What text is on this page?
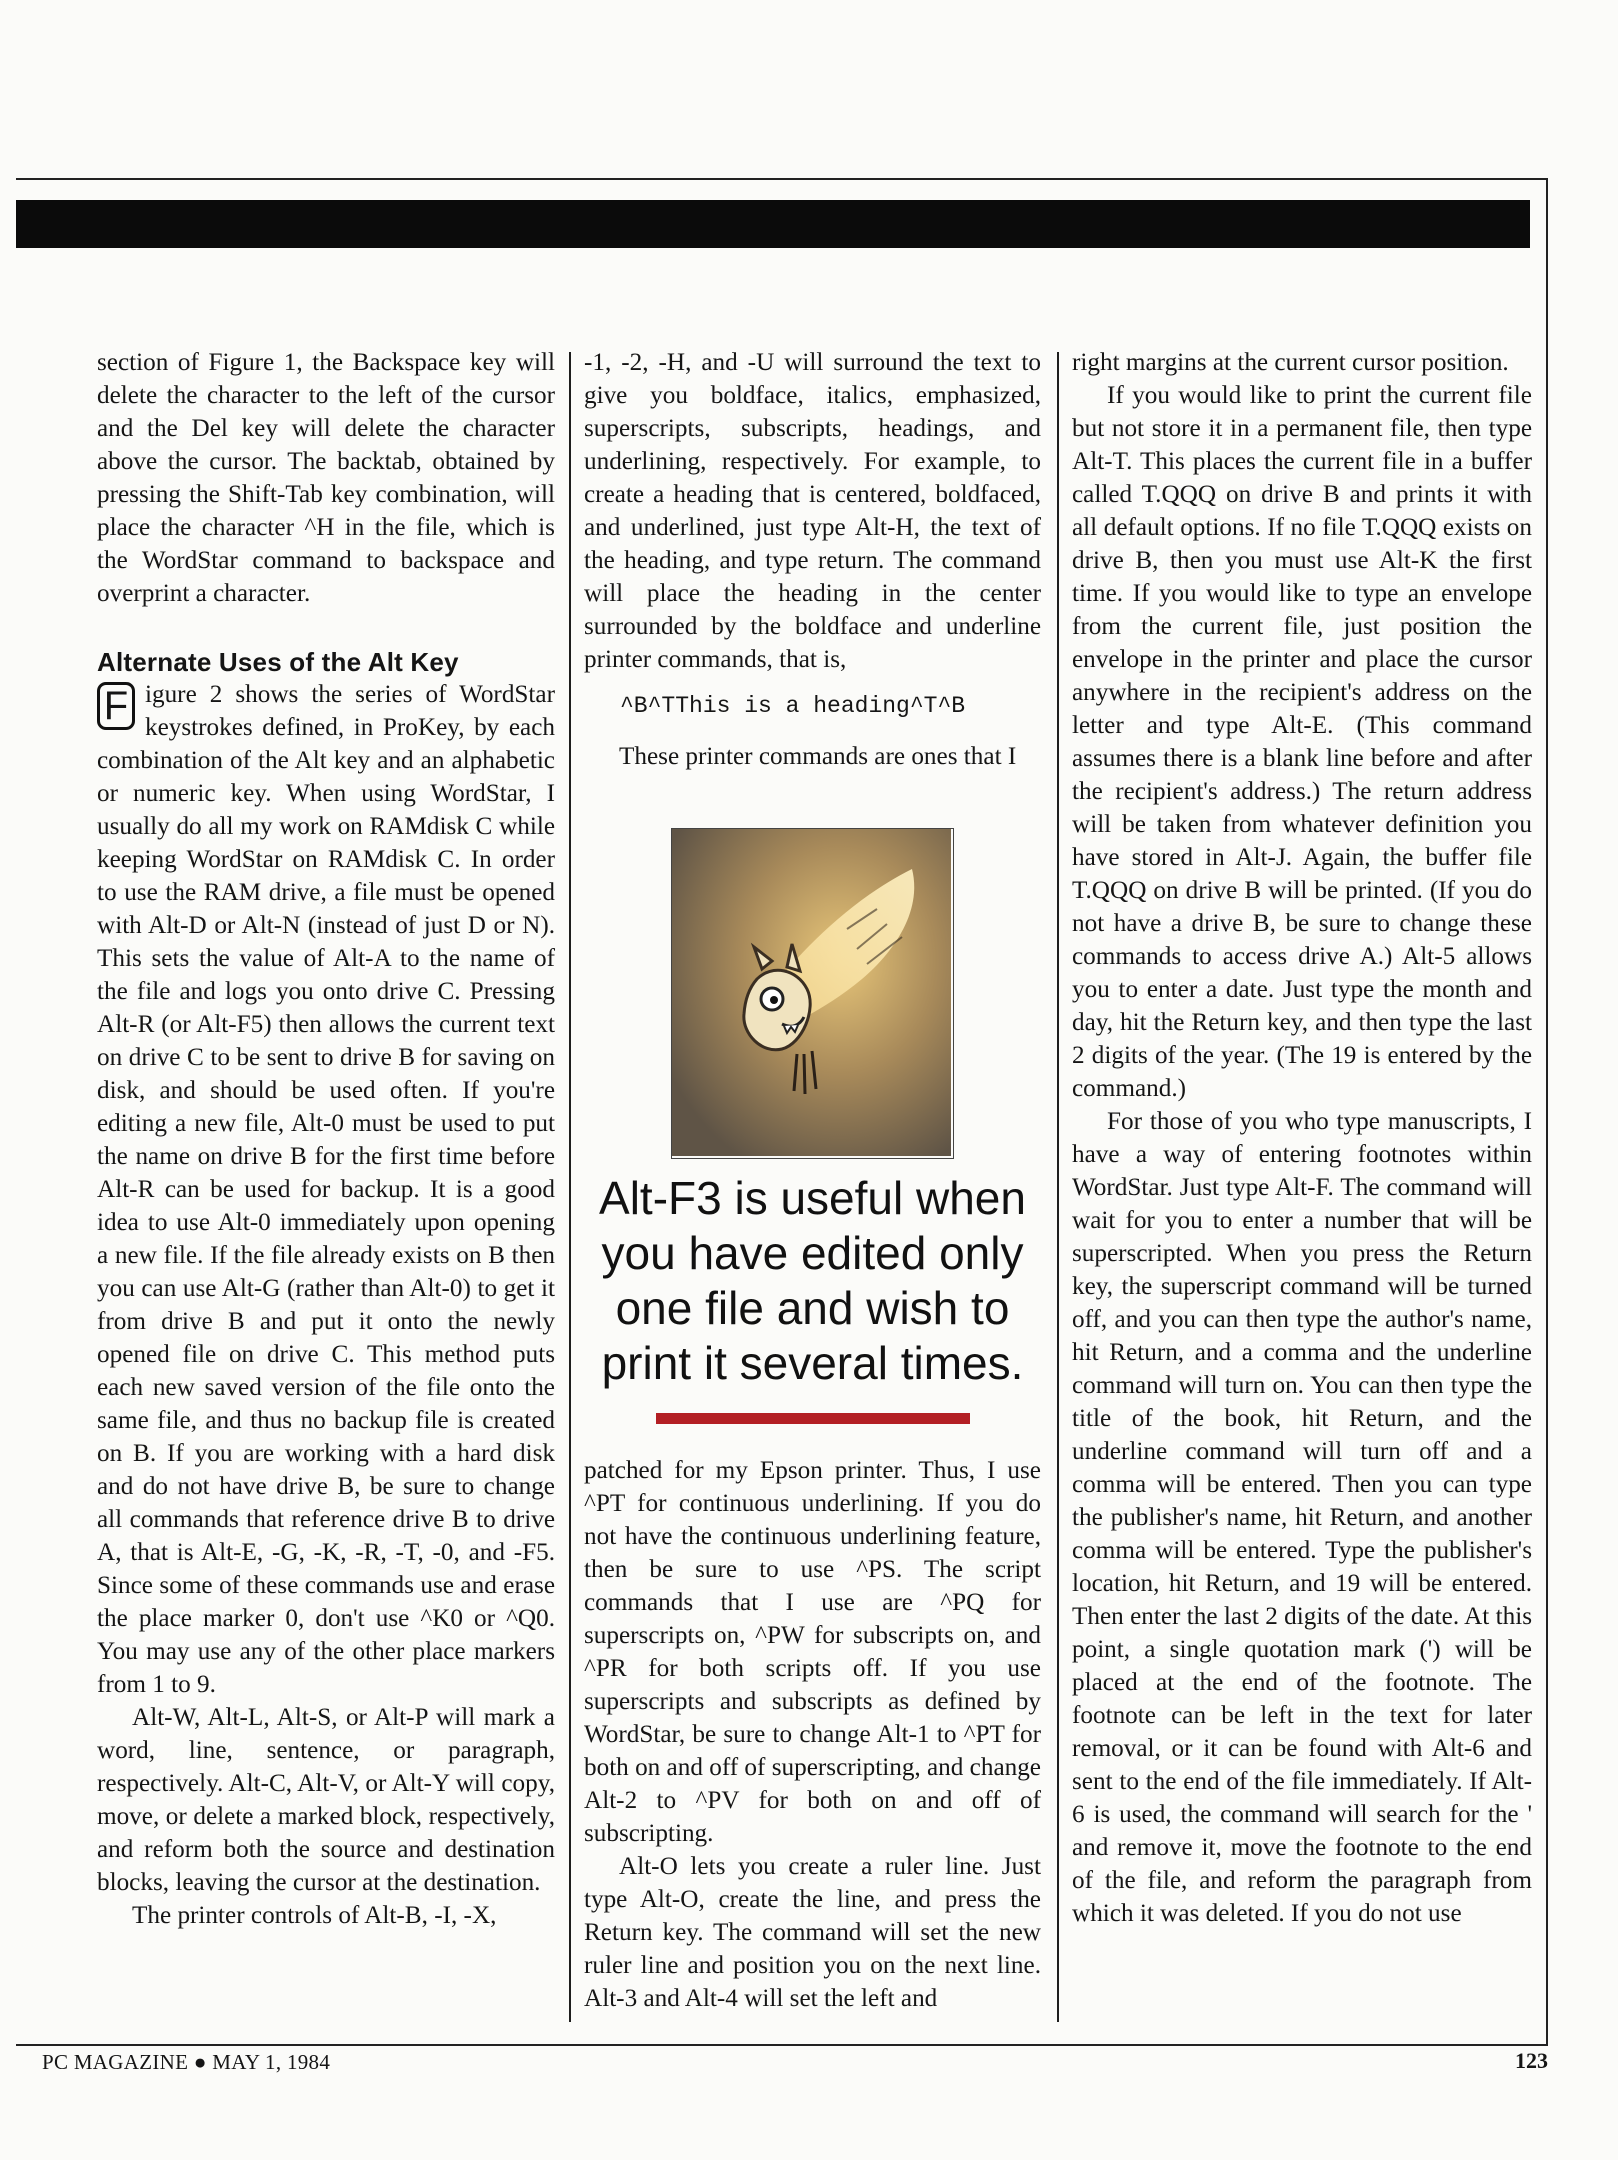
section of Figure 1, the Backspace key will delete the character to the left of the cursor and the Del key will delete the character above the cursor. The backtab, obtained by pressing the Shift-Tab key combination, will place the character ^H in the file, which is the WordStar command to backspace and overprint a character.

Alternate Uses of the Alt Key

F igure 2 shows the series of WordStar keystrokes defined, in ProKey, by each combination of the Alt key and an alphabetic or numeric key. When using WordStar, I usually do all my work on RAMdisk C while keeping WordStar on RAMdisk C. In order to use the RAM drive, a file must be opened with Alt-D or Alt-N (instead of just D or N). This sets the value of Alt-A to the name of the file and logs you onto drive C. Pressing Alt-R (or Alt-F5) then allows the current text on drive C to be sent to drive B for saving on disk, and should be used often. If you're editing a new file, Alt-0 must be used to put the name on drive B for the first time before Alt-R can be used for backup. It is a good idea to use Alt-0 immediately upon opening a new file. If the file already exists on B then you can use Alt-G (rather than Alt-0) to get it from drive B and put it onto the newly opened file on drive C. This method puts each new saved version of the file onto the same file, and thus no backup file is created on B. If you are working with a hard disk and do not have drive B, be sure to change all commands that reference drive B to drive A, that is Alt-E, -G, -K, -R, -T, -0, and -F5. Since some of these commands use and erase the place marker 0, don't use ^K0 or ^Q0. You may use any of the other place markers from 1 to 9.

Alt-W, Alt-L, Alt-S, or Alt-P will mark a word, line, sentence, or paragraph, respectively. Alt-C, Alt-V, or Alt-Y will copy, move, or delete a marked block, respectively, and reform both the source and destination blocks, leaving the cursor at the destination.

The printer controls of Alt-B, -I, -X,

-1, -2, -H, and -U will surround the text to give you boldface, italics, emphasized, superscripts, subscripts, headings, and underlining, respectively. For example, to create a heading that is centered, boldfaced, and underlined, just type Alt-H, the text of the heading, and type return. The command will place the heading in the center surrounded by the boldface and underline printer commands, that is,

^B^TThis is a heading^T^B

These printer commands are ones that I

Alt-F3 is useful when you have edited only one file and wish to print it several times.

patched for my Epson printer. Thus, I use ^PT for continuous underlining. If you do not have the continuous underlining feature, then be sure to use ^PS. The script commands that I use are ^PQ for superscripts on, ^PW for subscripts on, and ^PR for both scripts off. If you use superscripts and subscripts as defined by WordStar, be sure to change Alt-1 to ^PT for both on and off of superscripting, and change Alt-2 to ^PV for both on and off of subscripting.

Alt-O lets you create a ruler line. Just type Alt-O, create the line, and press the Return key. The command will set the new ruler line and position you on the next line. Alt-3 and Alt-4 will set the left and

right margins at the current cursor position.

If you would like to print the current file but not store it in a permanent file, then type Alt-T. This places the current file in a buffer called T.QQQ on drive B and prints it with all default options. If no file T.QQQ exists on drive B, then you must use Alt-K the first time. If you would like to type an envelope from the current file, just position the envelope in the printer and place the cursor anywhere in the recipient's address on the letter and type Alt-E. (This command assumes there is a blank line before and after the recipient's address.) The return address will be taken from whatever definition you have stored in Alt-J. Again, the buffer file T.QQQ on drive B will be printed. (If you do not have a drive B, be sure to change these commands to access drive A.) Alt-5 allows you to enter a date. Just type the month and day, hit the Return key, and then type the last 2 digits of the year. (The 19 is entered by the command.)

For those of you who type manuscripts, I have a way of entering footnotes within WordStar. Just type Alt-F. The command will wait for you to enter a number that will be superscripted. When you press the Return key, the superscript command will be turned off, and you can then type the author's name, hit Return, and a comma and the underline command will turn on. You can then type the title of the book, hit Return, and the underline command will turn off and a comma will be entered. Then you can type the publisher's name, hit Return, and another comma will be entered. Type the publisher's location, hit Return, and 19 will be entered. Then enter the last 2 digits of the date. At this point, a single quotation mark (') will be placed at the end of the footnote. The footnote can be left in the text for later removal, or it can be found with Alt-6 and sent to the end of the file immediately. If Alt-6 is used, the command will search for the ' and remove it, move the footnote to the end of the file, and reform the paragraph from which it was deleted. If you do not use

PC MAGAZINE ● MAY 1, 1984	123
